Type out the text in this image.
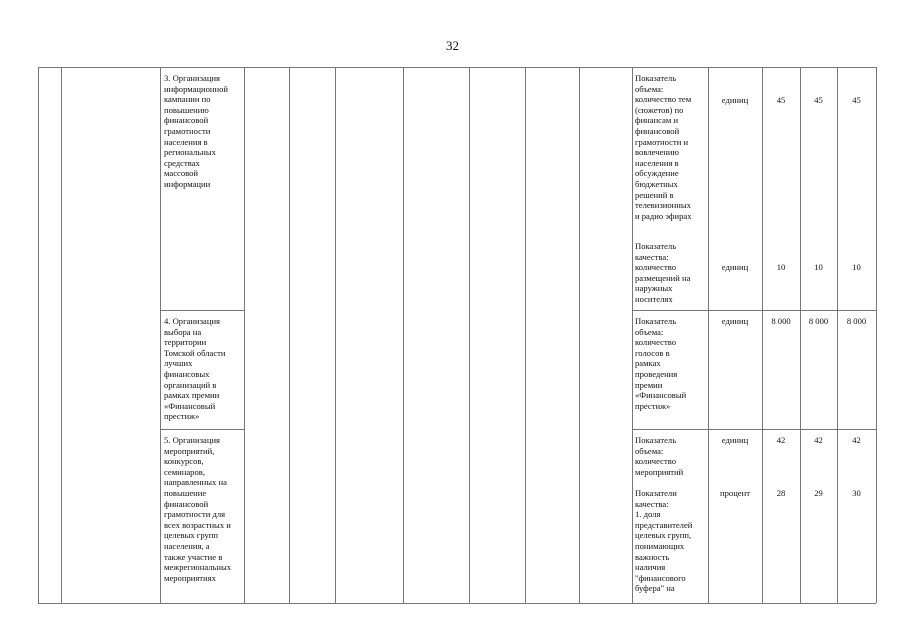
32
3. Организация
информационной
кампании по
повышению
финансовой
грамотности
населения в
региональных
средствах
массовой
информации
Показатель
объема:
количество тем
(сюжетов) по
финансам и
финансовой
грамотности и
вовлечению
населения в
обсуждение
бюджетных
решений в
телевизионных
и радио эфирах
единиц	45	45	45
Показатель
качества:
количество
размещений на
наружных
носителях
единиц	10	10	10
4. Организация
выбора на
территории
Томской области
лучших
финансовых
организаций в
рамках премии
«Финансовый
престиж»
Показатель
объема:
количество
голосов в
рамках
проведения
премии
«Финансовый
престиж»
единиц	8 000	8 000	8 000
5. Организация
мероприятий,
конкурсов,
семинаров,
направленных на
повышение
финансовой
грамотности для
всех возрастных и
целевых групп
населения, а
также участие в
межрегиональных
мероприятиях
Показатель
объема:
количество
мероприятий
единиц	42	42	42
Показатели
качества:
1. доля
представителей
целевых групп,
понимающих
важность
наличия
"финансового
буфера" на
процент	28	29	30
